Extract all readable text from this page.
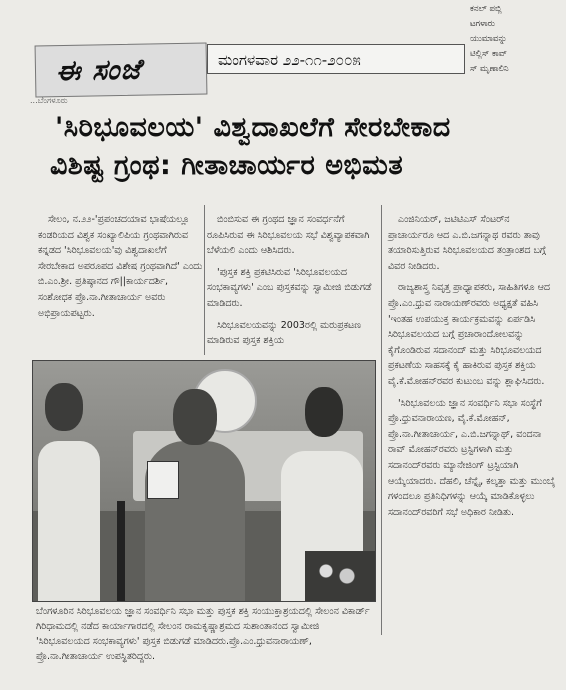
ಕನಲ್ ಪಬ್ಲಿ
ಟಗಳಾರು
ಯುಮಾವನ್ನು
ಟಿಲ್ಲಿಸ್ ಕಾವ್
ಸ್ ಮೃಣಾಲಿನಿ
ಈ ಸಂಜೆ	ಮಂಗಳವಾರ ೨೨-೧೧-೨೦೦೫
...ಬೆಂಗಳೂರು
'ಸಿರಿಭೂವಲಯ' ವಿಶ್ವದಾಖಲೆಗೆ ಸೇರಬೇಕಾದ
ವಿಶಿಷ್ಟ ಗ್ರಂಥ: ಗೀತಾಚಾರ್ಯರ ಅಭಿಮತ

ಸೇಲಂ, ನ.೨೨-'ಪ್ರಪಂಚದಯಾವ ಭಾಷೆಯಲ್ಲೂ ಕಂಡರಿಯದ ವಿಶ್ವಕ ಸಂಖ್ಯಾಲಿಪಿಯ ಗ್ರಂಥವಾಗಿರುವ ಕನ್ನಡದ 'ಸಿರಿಭೂವಲಯ'ವು ವಿಶ್ವದಾಖಲೆಗೆ ಸೇರಬೇಕಾದ ಅಪರೂಪದ ವಿಶೇಷ ಗ್ರಂಥವಾಗಿದೆ' ಎಂದು ಬಿ.ಎಂ.ಶ್ರೀ. ಪ್ರತಿಷ್ಠಾನದ ಗೌ||ಕಾರ್ಯದರ್ಶಿ, ಸಂಶೋಧಕ ಪ್ರೊ.ನಾ.ಗೀತಾಚಾರ್ಯ ಅವರು ಅಭಿಪ್ರಾಯಪಟ್ಟರು.

ಬಿಂಬಿಸುವ ಈ ಗ್ರಂಥದ ಜ್ಞಾನ ಸಂವರ್ಧನೆಗೆ ರೂಪಿಸಿರುವ ಈ ಸಿರಿಭೂವಲಯ ಸಭೆ ವಿಶ್ವವ್ಯಾಪಕವಾಗಿ ಬೆಳೆಯಲಿ ಎಂದು ಆಶಿಸಿದರು.

'ಪುಸ್ತಕ ಶಕ್ತಿ ಪ್ರಕಟಿಸಿರುವ 'ಸಿರಿಭೂವಲಯದ ಸಂಭಕಾವ್ಯಗಳು' ಎಂಬ ಪುಸ್ತಕವನ್ನು ಸ್ವಾಮೀಜಿ ಬಿಡುಗಡೆ ಮಾಡಿದರು.

ಸಿರಿಭೂವಲಯವನ್ನು 2003ರಲ್ಲಿ ಮರುಪ್ರಕಟಣ ಮಾಡಿರುವ ಪುಸ್ತಕ ಶಕ್ತಿಯ

ಎಂಜಿನಿಯರ್, ಜಟಿಟಿಎಸ್ ಸೆಂಟರ್‌ನ ಪ್ರಾಚಾರ್ಯರೂ ಆದ ಎ.ಬಿ.ಜಗನ್ನಾಥ ರವರು ತಾವು ತಯಾರಿಸುತ್ತಿರುವ ಸಿರಿಭೂವಲಯದ ತಂತ್ರಾಂಶದ ಬಗ್ಗೆ ವಿವರ ನೀಡಿದರು.

ರಾಜ್ಯಶಾಸ್ತ್ರ ನಿವೃತ್ತ ಪ್ರಾಧ್ಯಾಪಕರು, ಸಾಹಿತಿಗಳೂ ಆದ ಪ್ರೊ.ಎಂ.ಧ್ರುವ ನಾರಾಯಣ್‌ರವರು ಅಧ್ಯಕ್ಷತೆ ವಹಿಸಿ 'ಇಂತಹ ಉಪಯುಕ್ತ ಕಾರ್ಯಕ್ರಮವನ್ನು ಏರ್ಪಡಿಸಿ ಸಿರಿಭೂವಲಯದ ಬಗ್ಗೆ ಪ್ರಚಾರಾಂದೋಲವನ್ನು ಕೈಗೊಂಡಿರುವ ಸದಾನಂದ್ ಮತ್ತು ಸಿರಿಭೂವಲಯದ ಪ್ರಕಟಣೆಯ ಸಾಹಸಕ್ಕೆ ಕೈ ಹಾಕಿರುವ ಪುಸ್ತಕ ಶಕ್ತಿಯ ವೈ.ಕೆ.ಮೋಹನ್‌ರವರ ಕುಟುಂಬ ವನ್ನು ಶ್ಲಾಘಿಸಿದರು.

'ಸಿರಿಭೂವಲಯ ಜ್ಞಾನ ಸಂವರ್ಧಿನಿ ಸಭಾ ಸಂಸ್ಥೆಗೆ ಪ್ರೊ.ಧ್ರುವನಾರಾಯಣ, ವೈ.ಕೆ.ಮೋಹನ್, ಪ್ರೊ.ನಾ.ಗೀತಾಚಾರ್ಯ, ಎ.ಬಿ.ಜಗನ್ನಾಥ್, ವಂದನಾ ರಾವ್ ಮೋಹನ್‌ರವರು ಟ್ರಸ್ಟಿಗಳಾಗಿ ಮತ್ತು ಸದಾನಂದ್‌ರವರು ಮ್ಯಾನೇಜಿಂಗ್ ಟ್ರಸ್ಟಿಯಾಗಿ ಆಯ್ಕೆಯಾದರು. ದೆಹಲಿ, ಚೆನ್ನೈ, ಕಲ್ಕತ್ತಾ ಮತ್ತು ಮುಂಬೈ ಗಳಂದಲೂ ಪ್ರತಿನಿಧಿಗಳನ್ನು ಆಯ್ಕೆ ಮಾಡಿಕೊಳ್ಳಲು ಸದಾನಂದ್‌ರವರಿಗೆ ಸಭೆ ಅಧಿಕಾರ ನೀಡಿತು.

ಬೆಂಗಳೂರಿನ ಸಿರಿಭೂವಲಯ ಜ್ಞಾನ ಸಂವರ್ಧಿನಿ ಸಭಾ ಮತ್ತು ಪುಸ್ತಕ ಶಕ್ತಿ ಸಂಯುಕ್ತಾಶ್ರಯದಲ್ಲಿ ಸೇಲಂನ ವಿಕಾರ್ಡ್ ಗಿರಿಧಾಮದಲ್ಲಿ ನಡೆದ ಕಾರ್ಯಾಗಾರದಲ್ಲಿ ಸೇಲಂನ ರಾಮಕೃಷ್ಣಾಶ್ರಮದ ಸುಶಾಂತಾನಂದ ಸ್ವಾಮೀಜಿ 'ಸಿರಿಭೂವಲಯದ ಸಂಭಕಾವ್ಯಗಳು' ಪುಸ್ತಕ ಬಿಡುಗಡೆ ಮಾಡಿದರು.ಪ್ರೊ.ಎಂ.ಧ್ರುವನಾರಾಯಣ್, ಪ್ರೊ.ನಾ.ಗೀತಾಚಾರ್ಯ ಉಪಸ್ಥಿತರಿದ್ದರು.
